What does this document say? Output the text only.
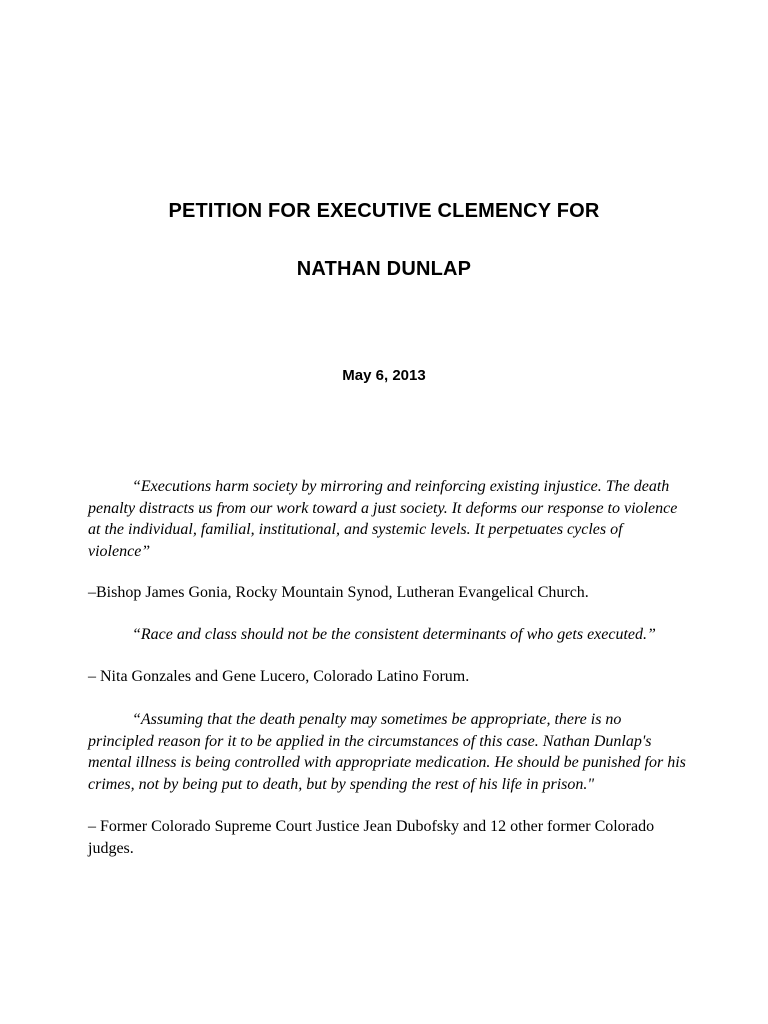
PETITION FOR EXECUTIVE CLEMENCY FOR
NATHAN DUNLAP
May 6, 2013

“Executions harm society by mirroring and reinforcing existing injustice. The death penalty distracts us from our work toward a just society. It deforms our response to violence at the individual, familial, institutional, and systemic levels. It perpetuates cycles of violence”

–Bishop James Gonia, Rocky Mountain Synod, Lutheran Evangelical Church.

“Race and class should not be the consistent determinants of who gets executed.”

– Nita Gonzales and Gene Lucero, Colorado Latino Forum.

“Assuming that the death penalty may sometimes be appropriate, there is no principled reason for it to be applied in the circumstances of this case. Nathan Dunlap's mental illness is being controlled with appropriate medication. He should be punished for his crimes, not by being put to death, but by spending the rest of his life in prison."

– Former Colorado Supreme Court Justice Jean Dubofsky and 12 other former Colorado judges.
